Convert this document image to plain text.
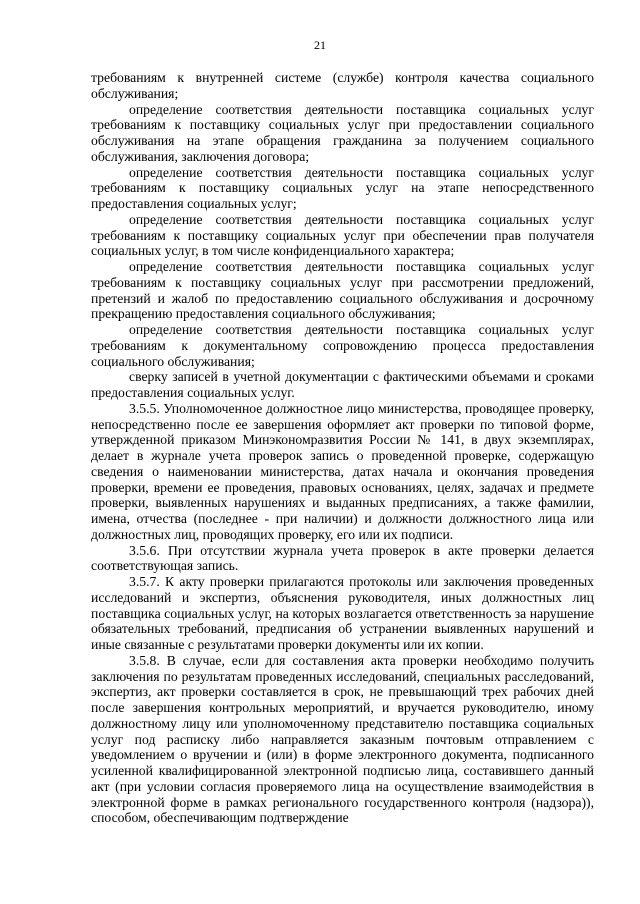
21

требованиям к внутренней системе (службе) контроля качества социального обслуживания;

определение соответствия деятельности поставщика социальных услуг требованиям к поставщику социальных услуг при предоставлении социального обслуживания на этапе обращения гражданина за получением социального обслуживания, заключения договора;

определение соответствия деятельности поставщика социальных услуг требованиям к поставщику социальных услуг на этапе непосредственного предоставления социальных услуг;

определение соответствия деятельности поставщика социальных услуг требованиям к поставщику социальных услуг при обеспечении прав получателя социальных услуг, в том числе конфиденциального характера;

определение соответствия деятельности поставщика социальных услуг требованиям к поставщику социальных услуг при рассмотрении предложений, претензий и жалоб по предоставлению социального обслуживания и досрочному прекращению предоставления социального обслуживания;

определение соответствия деятельности поставщика социальных услуг требованиям к документальному сопровождению процесса предоставления социального обслуживания;

сверку записей в учетной документации с фактическими объемами и сроками предоставления социальных услуг.

3.5.5. Уполномоченное должностное лицо министерства, проводящее проверку, непосредственно после ее завершения оформляет акт проверки по типовой форме, утвержденной приказом Минэкономразвития России № 141, в двух экземплярах, делает в журнале учета проверок запись о проведенной проверке, содержащую сведения о наименовании министерства, датах начала и окончания проведения проверки, времени ее проведения, правовых основаниях, целях, задачах и предмете проверки, выявленных нарушениях и выданных предписаниях, а также фамилии, имена, отчества (последнее - при наличии) и должности должностного лица или должностных лиц, проводящих проверку, его или их подписи.

3.5.6. При отсутствии журнала учета проверок в акте проверки делается соответствующая запись.

3.5.7. К акту проверки прилагаются протоколы или заключения проведенных исследований и экспертиз, объяснения руководителя, иных должностных лиц поставщика социальных услуг, на которых возлагается ответственность за нарушение обязательных требований, предписания об устранении выявленных нарушений и иные связанные с результатами проверки документы или их копии.

3.5.8. В случае, если для составления акта проверки необходимо получить заключения по результатам проведенных исследований, специальных расследований, экспертиз, акт проверки составляется в срок, не превышающий трех рабочих дней после завершения контрольных мероприятий, и вручается руководителю, иному должностному лицу или уполномоченному представителю поставщика социальных услуг под расписку либо направляется заказным почтовым отправлением с уведомлением о вручении и (или) в форме электронного документа, подписанного усиленной квалифицированной электронной подписью лица, составившего данный акт (при условии согласия проверяемого лица на осуществление взаимодействия в электронной форме в рамках регионального государственного контроля (надзора)), способом, обеспечивающим подтверждение
